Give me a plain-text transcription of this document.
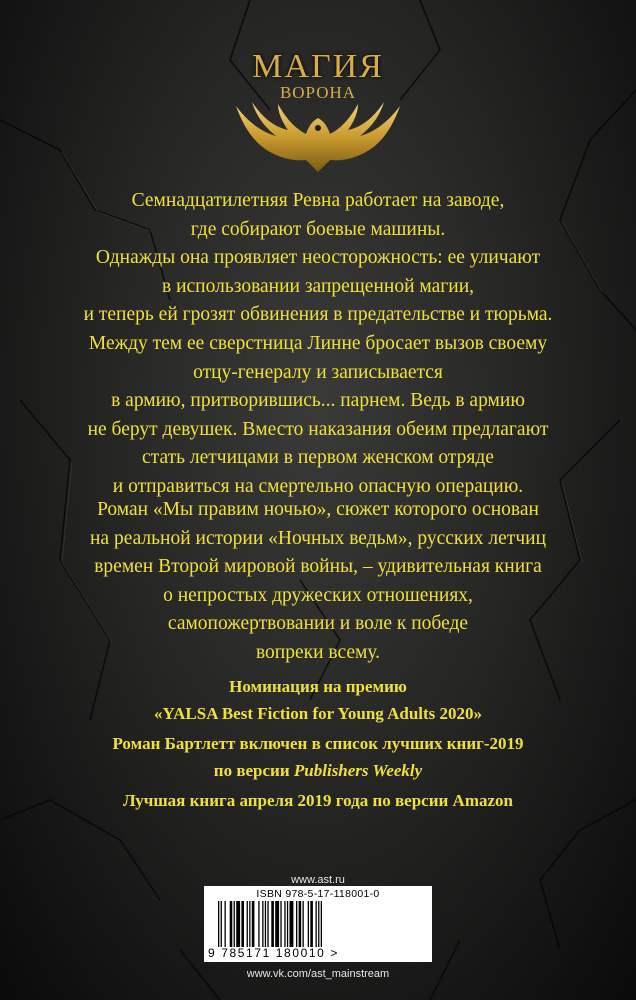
МАГИЯ
ВОРОНА
Семнадцатилетняя Ревна работает на заводе,
где собирают боевые машины.
Однажды она проявляет неосторожность: ее уличают
в использовании запрещенной магии,
и теперь ей грозят обвинения в предательстве и тюрьма.
Между тем ее сверстница Линне бросает вызов своему
отцу-генералу и записывается
в армию, притворившись... парнем. Ведь в армию
не берут девушек. Вместо наказания обеим предлагают
стать летчицами в первом женском отряде
и отправиться на смертельно опасную операцию.
Роман «Мы правим ночью», сюжет которого основан
на реальной истории «Ночных ведьм», русских летчиц
времен Второй мировой войны, – удивительная книга
о непростых дружеских отношениях,
самопожертвовании и воле к победе
вопреки всему.
Номинация на премию
«YALSA Best Fiction for Young Adults 2020»
Роман Бартлетт включен в список лучших книг-2019
по версии Publishers Weekly
Лучшая книга апреля 2019 года по версии Amazon
www.ast.ru
ISBN 978-5-17-118001-0
9 785171 180010 >
www.vk.com/ast_mainstream
